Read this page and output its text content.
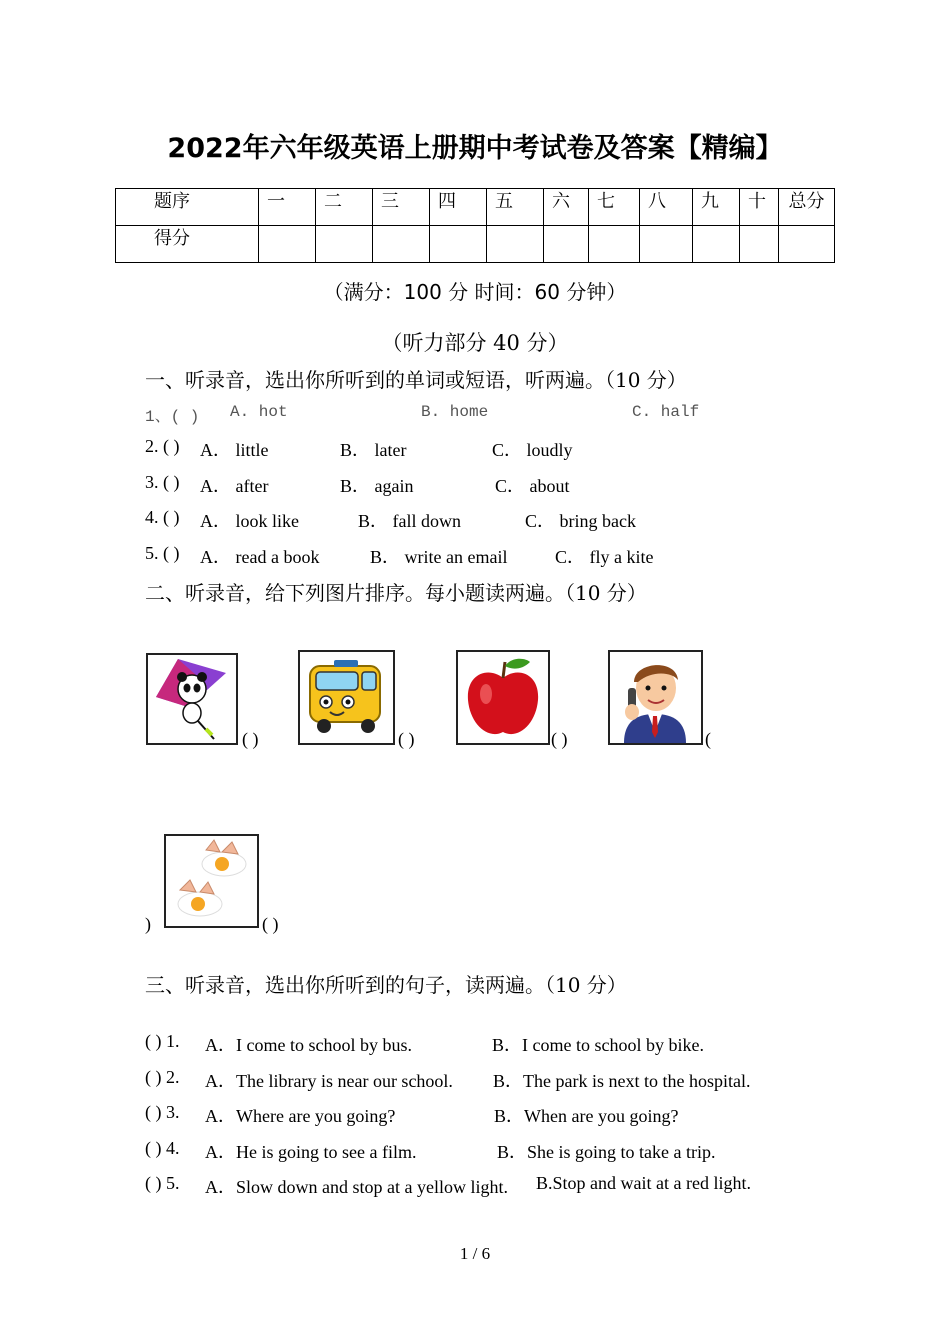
2022年六年级英语上册期中考试卷及答案【精编】
题序	一	二	三	四	五	六	七	八	九	十	总分
得分											
（满分：100 分 时间：60 分钟）
（听力部分 40 分）
一、听录音，选出你所听到的单词或短语，听两遍。（10 分）
1、( ) A. hot	B. home	C. half
2. ( ) A． little	B． later	C． loudly
3. ( ) A． after	B． again	C． about
4. ( ) A． look like	B． fall down	C． bring back
5. ( ) A． read a book	B． write an email	C． fly a kite
二、听录音，给下列图片排序。每小题读两遍。（10 分）
( )	( )	( )	(
)	( )
三、听录音，选出你所听到的句子，读两遍。（10 分）
( ) 1. A．I come to school by bus.	B．I come to school by bike.
( ) 2. A．The library is near our school. B．The park is next to the hospital.
( ) 3. A．Where are you going?	B．When are you going?
( ) 4. A．He is going to see a film.	B．She is going to take a trip.
( ) 5. A．Slow down and stop at a yellow light. B.Stop and wait at a red light.
1 / 6
